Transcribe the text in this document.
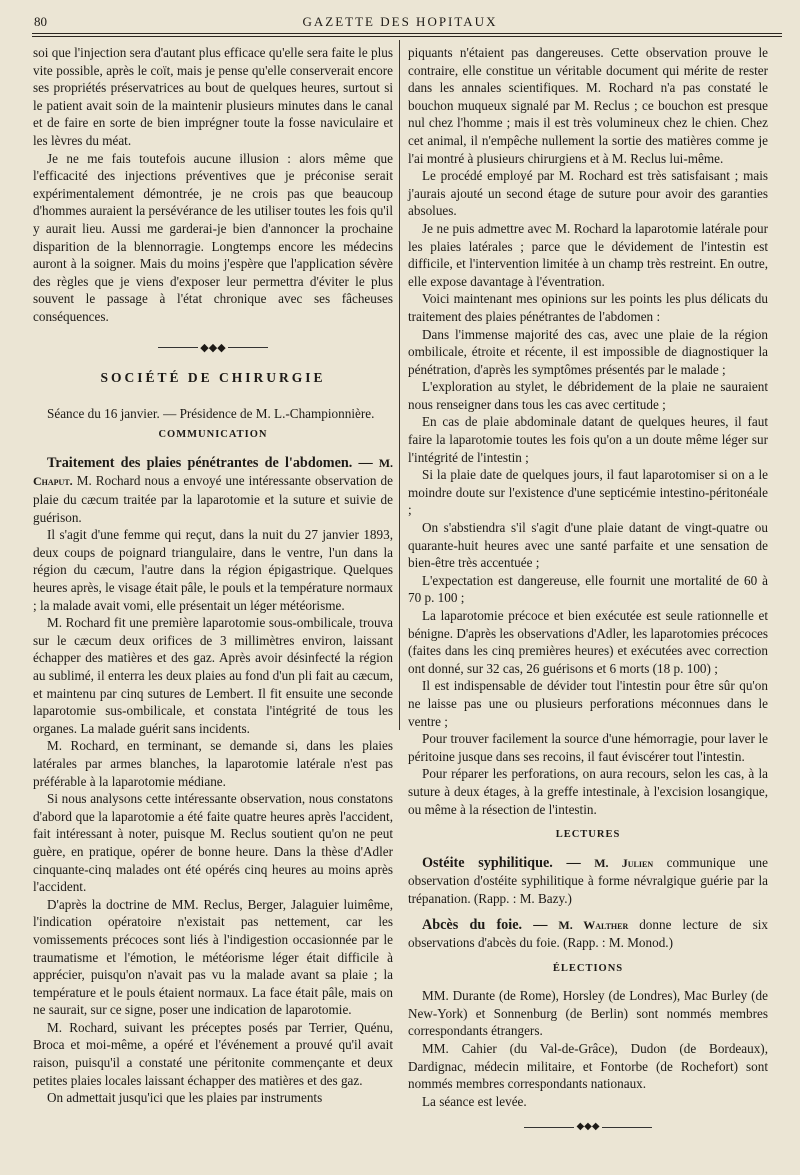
80	GAZETTE DES HOPITAUX

soi que l'injection sera d'autant plus efficace qu'elle sera faite le plus vite possible, après le coït, mais je pense qu'elle conserverait encore ses propriétés préservatrices au bout de quelques heures, surtout si le patient avait soin de la maintenir plusieurs minutes dans le canal et de faire en sorte de bien imprégner toute la fosse naviculaire et les lèvres du méat.

Je ne me fais toutefois aucune illusion : alors même que l'efficacité des injections préventives que je préconise serait expérimentalement démontrée, je ne crois pas que beaucoup d'hommes auraient la persévérance de les utiliser toutes les fois qu'il y aurait lieu. Aussi me garderai-je bien d'annoncer la prochaine disparition de la blennorragie. Longtemps encore les médecins auront à la soigner. Mais du moins j'espère que l'application sévère des règles que je viens d'exposer leur permettra d'éviter le plus souvent le passage à l'état chronique avec ses fâcheuses conséquences.

◆◆◆
SOCIÉTÉ DE CHIRURGIE

Séance du 16 janvier. — Présidence de M. L.-Championnière.

COMMUNICATION

Traitement des plaies pénétrantes de l'abdomen. — M. Chaput. M. Rochard nous a envoyé une intéressante observation de plaie du cæcum traitée par la laparotomie et la suture et suivie de guérison.

Il s'agit d'une femme qui reçut, dans la nuit du 27 janvier 1893, deux coups de poignard triangulaire, dans le ventre, l'un dans la région du cæcum, l'autre dans la région épigastrique. Quelques heures après, le visage était pâle, le pouls et la température normaux ; la malade avait vomi, elle présentait un léger météorisme.

M. Rochard fit une première laparotomie sous-ombilicale, trouva sur le cæcum deux orifices de 3 millimètres environ, laissant échapper des matières et des gaz. Après avoir désinfecté la région au sublimé, il enterra les deux plaies au fond d'un pli fait au cæcum, et maintenu par cinq sutures de Lembert. Il fit ensuite une seconde laparotomie sus-ombilicale, et constata l'intégrité de tous les organes. La malade guérit sans incidents.

M. Rochard, en terminant, se demande si, dans les plaies latérales par armes blanches, la laparotomie latérale n'est pas préférable à la laparotomie médiane.

Si nous analysons cette intéressante observation, nous constatons d'abord que la laparotomie a été faite quatre heures après l'accident, fait intéressant à noter, puisque M. Reclus soutient qu'on ne peut guère, en pratique, opérer de bonne heure. Dans la thèse d'Adler cinquante-cinq malades ont été opérés cinq heures au moins après l'accident.

D'après la doctrine de MM. Reclus, Berger, Jalaguier luimême, l'indication opératoire n'existait pas nettement, car les vomissements précoces sont liés à l'indigestion occasionnée par le traumatisme et l'émotion, le météorisme léger était difficile à apprécier, puisqu'on n'avait pas vu la malade avant sa plaie ; la température et le pouls étaient normaux. La face était pâle, mais on ne saurait, sur ce signe, poser une indication de laparotomie.

M. Rochard, suivant les préceptes posés par Terrier, Quénu, Broca et moi-même, a opéré et l'événement a prouvé qu'il avait raison, puisqu'il a constaté une péritonite commençante et deux petites plaies locales laissant échapper des matières et des gaz.

On admettait jusqu'ici que les plaies par instruments

piquants n'étaient pas dangereuses. Cette observation prouve le contraire, elle constitue un véritable document qui mérite de rester dans les annales scientifiques. M. Rochard n'a pas constaté le bouchon muqueux signalé par M. Reclus ; ce bouchon est presque nul chez l'homme ; mais il est très volumineux chez le chien. Chez cet animal, il n'empêche nullement la sortie des matières comme je l'ai montré à plusieurs chirurgiens et à M. Reclus lui-même.

Le procédé employé par M. Rochard est très satisfaisant ; mais j'aurais ajouté un second étage de suture pour avoir des garanties absolues.

Je ne puis admettre avec M. Rochard la laparotomie latérale pour les plaies latérales ; parce que le dévidement de l'intestin est difficile, et l'intervention limitée à un champ très restreint. En outre, elle expose davantage à l'éventration.

Voici maintenant mes opinions sur les points les plus délicats du traitement des plaies pénétrantes de l'abdomen :

Dans l'immense majorité des cas, avec une plaie de la région ombilicale, étroite et récente, il est impossible de diagnostiquer la pénétration, d'après les symptômes présentés par le malade ;

L'exploration au stylet, le débridement de la plaie ne sauraient nous renseigner dans tous les cas avec certitude ;

En cas de plaie abdominale datant de quelques heures, il faut faire la laparotomie toutes les fois qu'on a un doute même léger sur l'intégrité de l'intestin ;

Si la plaie date de quelques jours, il faut laparotomiser si on a le moindre doute sur l'existence d'une septicémie intestino-péritonéale ;

On s'abstiendra s'il s'agit d'une plaie datant de vingt-quatre ou quarante-huit heures avec une santé parfaite et une sensation de bien-être très accentuée ;

L'expectation est dangereuse, elle fournit une mortalité de 60 à 70 p. 100 ;

La laparotomie précoce et bien exécutée est seule rationnelle et bénigne. D'après les observations d'Adler, les laparotomies précoces (faites dans les cinq premières heures) et exécutées avec correction ont donné, sur 32 cas, 26 guérisons et 6 morts (18 p. 100) ;

Il est indispensable de dévider tout l'intestin pour être sûr qu'on ne laisse pas une ou plusieurs perforations méconnues dans le ventre ;

Pour trouver facilement la source d'une hémorragie, pour laver le péritoine jusque dans ses recoins, il faut éviscérer tout l'intestin.

Pour réparer les perforations, on aura recours, selon les cas, à la suture à deux étages, à la greffe intestinale, à l'excision losangique, ou même à la résection de l'intestin.

LECTURES

Ostéite syphilitique. — M. Julien communique une observation d'ostéite syphilitique à forme névralgique guérie par la trépanation. (Rapp. : M. Bazy.)

Abcès du foie. — M. Walther donne lecture de six observations d'abcès du foie. (Rapp. : M. Monod.)

ÉLECTIONS

MM. Durante (de Rome), Horsley (de Londres), Mac Burley (de New-York) et Sonnenburg (de Berlin) sont nommés membres correspondants étrangers.

MM. Cahier (du Val-de-Grâce), Dudon (de Bordeaux), Dardignac, médecin militaire, et Fontorbe (de Rochefort) sont nommés membres correspondants nationaux.

La séance est levée.

◆◆◆
